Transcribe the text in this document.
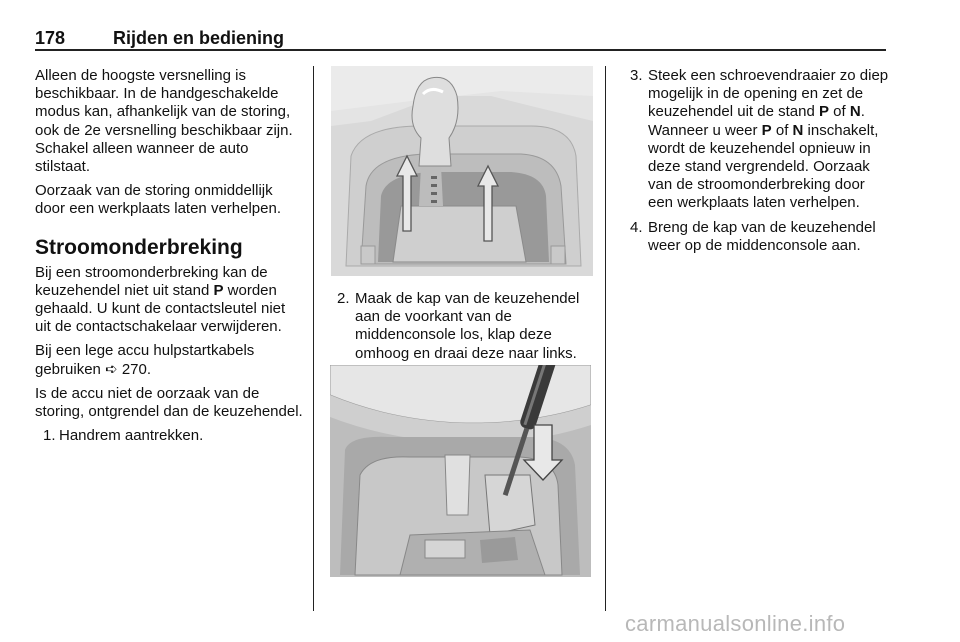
178	Rijden en bediening

Alleen de hoogste versnelling is beschikbaar. In de handgeschakelde modus kan, afhankelijk van de storing, ook de 2e versnelling beschikbaar zijn. Schakel alleen wanneer de auto stilstaat.

Oorzaak van de storing onmiddellijk door een werkplaats laten verhelpen.

Stroomonderbreking

Bij een stroomonderbreking kan de keuzehendel niet uit stand P worden gehaald. U kunt de contactsleutel niet uit de contactschakelaar verwijderen.

Bij een lege accu hulpstartkabels gebruiken ➪ 270.

Is de accu niet de oorzaak van de storing, ontgrendel dan de keuzehendel.

1. Handrem aantrekken.
2. Maak de kap van de keuzehendel aan de voorkant van de middenconsole los, klap deze omhoog en draai deze naar links.
3. Steek een schroevendraaier zo diep mogelijk in de opening en zet de keuzehendel uit de stand P of N. Wanneer u weer P of N inschakelt, wordt de keuzehendel opnieuw in deze stand vergrendeld. Oorzaak van de stroomonderbreking door een werkplaats laten verhelpen.
4. Breng de kap van de keuzehendel weer op de middenconsole aan.
carmanualsonline.info
